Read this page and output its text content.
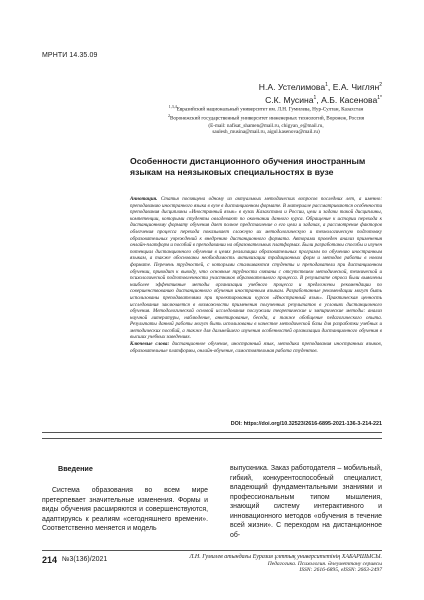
МРНТИ 14.35.09
Н.А. Устелимова$^1$, Е.А. Чиглян$^2$
С.К. Мусина$^1$, А.Б. Касенова$^{1*}$
$^{1,3,4}$Евразийский национальный университет им. Л.Н. Гумилева, Нур-Султан, Казахстан
$^2$Воронежский государственный университет инженерных технологий, Воронеж, Россия
(E-mail: nafisat_shamen@mail.ru, chigyan_e@mail.ru,
saulesh_musina@mail.ru, aigul.kasenova@mail.ru)
Особенности дистанционного обучения иностранным языкам на неязыковых специальностях в вузе
Аннотация. Статья посвящена одному из актуальных методических вопросов последних лет, а именно: преподаванию иностранного языка в вузе в дистанционном формате. В материале рассматриваются особенности преподавания дисциплины «Иностранный язык» в вузах Казахстана и России, цели и задачи такой дисциплины, компетенции, которыми студенты овладевают по окончании данного курса. Обращение к истории перехода к дистанционному формату обучения дает полное представление о его цели и задачах, а рассмотрение факторов облегчения процесса перехода показывает сложную их методологическую и технологическую подготовку образовательных учреждений к внедрению дистанционного формата. Авторами проведен анализ применения онлайн-платформ и пособий в преподавании на образовательных платформах. Были разработаны способы и изучен потенциал дистанционного обучения в целях реализации образовательных программ по обучению иностранным языкам, а также обоснованы необходимость активизации традиционных форм и методов работы в новом формате. Перечень трудностей, с которыми сталкиваются студенты и преподаватели при дистанционном обучении, приводит к выводу, что основные трудности связаны с отсутствием методической, технической и психологической подготовленности участников образовательного процесса. В результате опроса были выявлены наиболее эффективные методы организации учебного процесса и предложены рекомендации по совершенствованию дистанционного обучения иностранным языкам. Разработанные рекомендации могут быть использованы преподавателями при проектировании курсов «Иностранный язык». Практическая ценность исследования заключается в возможности применения полученных результатов в условиях дистанционного обучения. Методологической основой исследования послужили теоретические и эмпирические методы: анализ научной литературы, наблюдение, анкетирование, беседа, а также обобщение педагогического опыта. Результаты данной работы могут быть использованы в качестве методической базы для разработки учебных и методических пособий, а также для дальнейшего изучения особенностей организации дистанционного обучения в высших учебных заведениях.
Ключевые слова: дистанционное обучение, иностранный язык, методика преподавания иностранных языков, образовательные платформы, онлайн-обучение, самостоятельная работа студентов.
DOI: https://doi.org/10.32523/2616-6895-2021-136-3-214-221
Введение
Система образования во всем мире претерпевает значительные изменения. Формы и виды обучения расширяются и совершенствуются, адаптируясь к реалиям «сегодняшнего времени». Соответственно меняется и модель
выпускника. Заказ работодателя – мобильный, гибкий, конкурентоспособный специалист, владеющий фундаментальными знаниями и профессиональным типом мышления, знающий систему интерактивного и инновационного методов «обучения в течение всей жизни». С переходом на дистанционное об-
214 №3(136)/2021	Л.Н. Гумилев атындағы Еуразия ұлттық университетінің ХАБАРШЫСЫ.
Педагогика. Психология. Әлеуметтану сериясы
ISSN: 2616-6895, eISSN: 2663-2497
